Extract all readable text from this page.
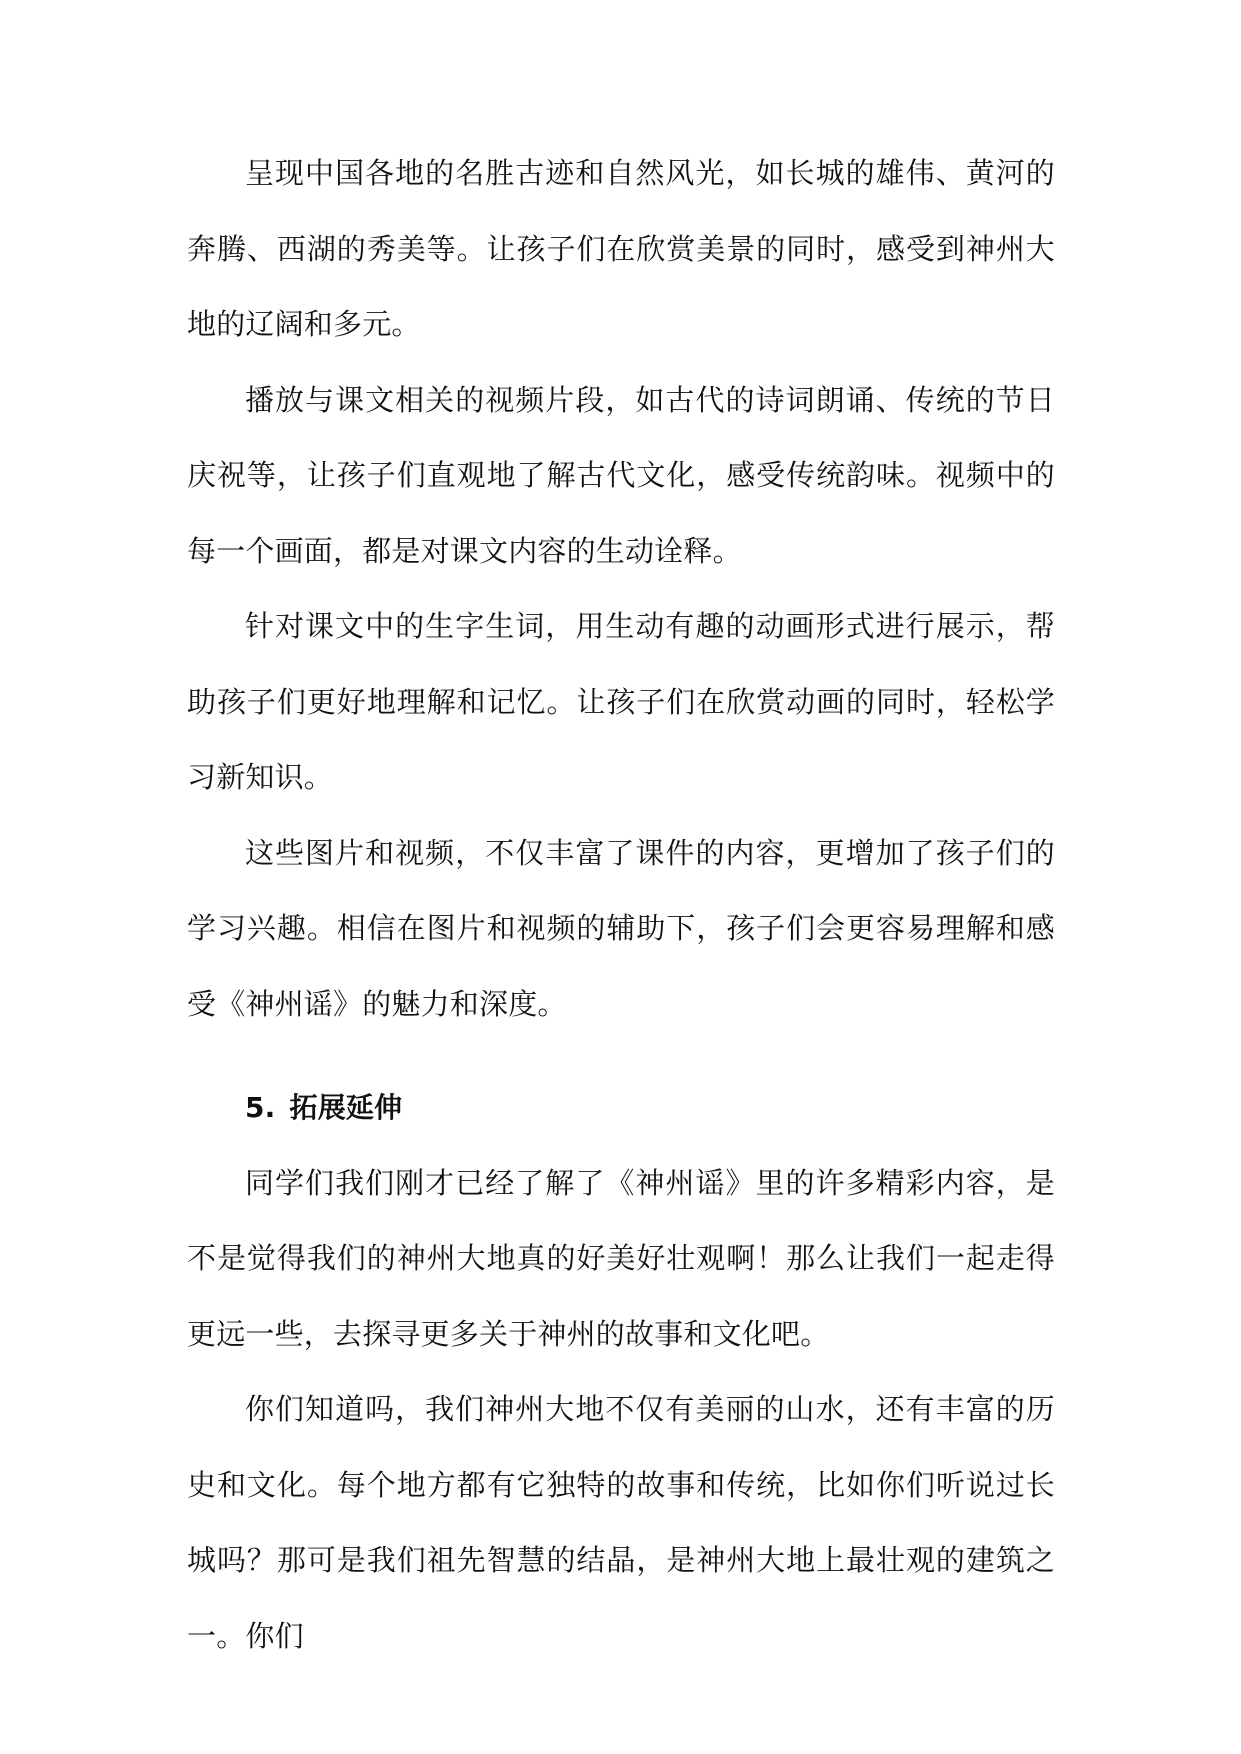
呈现中国各地的名胜古迹和自然风光，如长城的雄伟、黄河的奔腾、西湖的秀美等。让孩子们在欣赏美景的同时，感受到神州大地的辽阔和多元。

播放与课文相关的视频片段，如古代的诗词朗诵、传统的节日庆祝等，让孩子们直观地了解古代文化，感受传统韵味。视频中的每一个画面，都是对课文内容的生动诠释。

针对课文中的生字生词，用生动有趣的动画形式进行展示，帮助孩子们更好地理解和记忆。让孩子们在欣赏动画的同时，轻松学习新知识。

这些图片和视频，不仅丰富了课件的内容，更增加了孩子们的学习兴趣。相信在图片和视频的辅助下，孩子们会更容易理解和感受《神州谣》的魅力和深度。

5. 拓展延伸

同学们我们刚才已经了解了《神州谣》里的许多精彩内容，是不是觉得我们的神州大地真的好美好壮观啊！那么让我们一起走得更远一些，去探寻更多关于神州的故事和文化吧。

你们知道吗，我们神州大地不仅有美丽的山水，还有丰富的历史和文化。每个地方都有它独特的故事和传统，比如你们听说过长城吗？那可是我们祖先智慧的结晶，是神州大地上最壮观的建筑之一。你们
